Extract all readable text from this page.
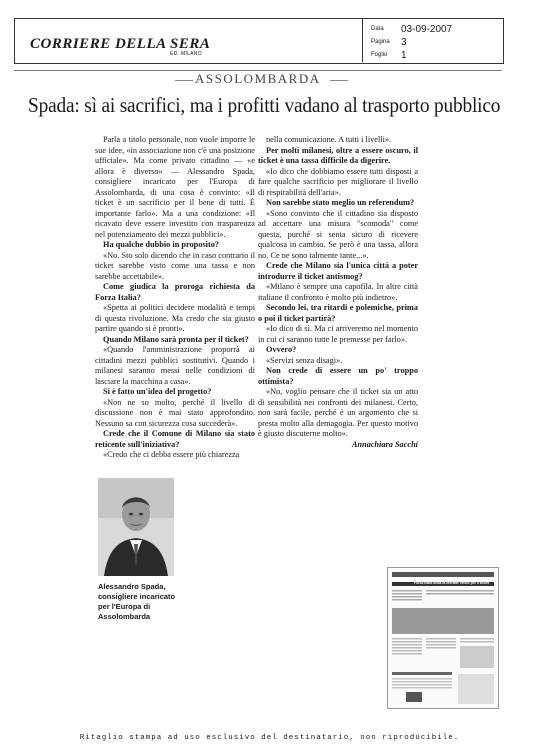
CORRIERE DELLA SERA
ED. MILANO
Data 03-09-2007
Pagina 3
Foglio 1
ASSOLOMBARDA
Spada: sì ai sacrifici, ma i profitti vadano al trasporto pubblico

Parla a titolo personale, non vuole imporre le sue idee, «in associazione non c'è una posizione ufficiale». Ma come privato cittadino — «e allora è diverso» — Alessandro Spada, consigliere incaricato per l'Europa di Assolombarda, di una cosa è convinto: «Il ticket è un sacrificio per il bene di tutti. È importante farlo». Ma a una condizione: «Il ricavato deve essere investito con trasparenza nel potenziamento dei mezzi pubblici».

Ha qualche dubbio in proposito?

«No. Sto solo dicendo che in caso contrario il ticket sarebbe visto come una tassa e non sarebbe accettabile».

Come giudica la proroga richiesta da Forza Italia?

«Spetta ai politici decidere modalità e tempi di questa rivoluzione. Ma credo che sia giusto partire quando si è pronti».

Quando Milano sarà pronta per il ticket?

«Quando l'amministrazione proporrà ai cittadini mezzi pubblici sostitutivi. Quando i milanesi saranno messi nelle condizioni di lasciare la macchina a casa».

Si è fatto un'idea del progetto?

«Non ne so molto, perché il livello di discussione non è mai stato approfondito. Nessuno sa con sicurezza cosa succederà».

Crede che il Comune di Milano sia stato reticente sull'iniziativa?

«Credo che ci debba essere più chiarezza

nella comunicazione. A tutti i livelli».

Per molti milanesi, oltre a essere oscuro, il ticket è una tassa difficile da digerire.

«Io dico che dobbiamo essere tutti disposti a fare qualche sacrificio per migliorare il livello di respirabilità dell'aria».

Non sarebbe stato meglio un referendum?

«Sono convinto che il cittadino sia disposto ad accettare una misura "scomoda" come questa, purché si senta sicuro di ricevere qualcosa in cambio. Se però è una tassa, allora no. Ce ne sono talmente tante...».

Crede che Milano sia l'unica città a poter introdurre il ticket antismog?

«Milano è sempre una capofila. In altre città italiane il confronto è molto più indietro».

Secondo lei, tra ritardi e polemiche, prima o poi il ticket partirà?

«Io dico di sì. Ma ci arriveremo nel momento in cui ci saranno tutte le premesse per farlo».

Ovvero?

«Servizi senza disagi».

Non crede di essere un po' troppo ottimista?

«No, voglio pensare che il ticket sia un atto di sensibilità nei confronti dei milanesi. Certo, non sarà facile, perché è un argomento che si presta molto alla demagogia. Per questo motivo è giusto discuterne molto».

Annachiara Sacchi

Alessandro Spada, consigliere incaricato per l'Europa di Assolombarda
Forza Italia sfida la Moratti: rinvio per il ticket
Ritaglio stampa ad uso esclusivo del destinatario, non riproducibile.
